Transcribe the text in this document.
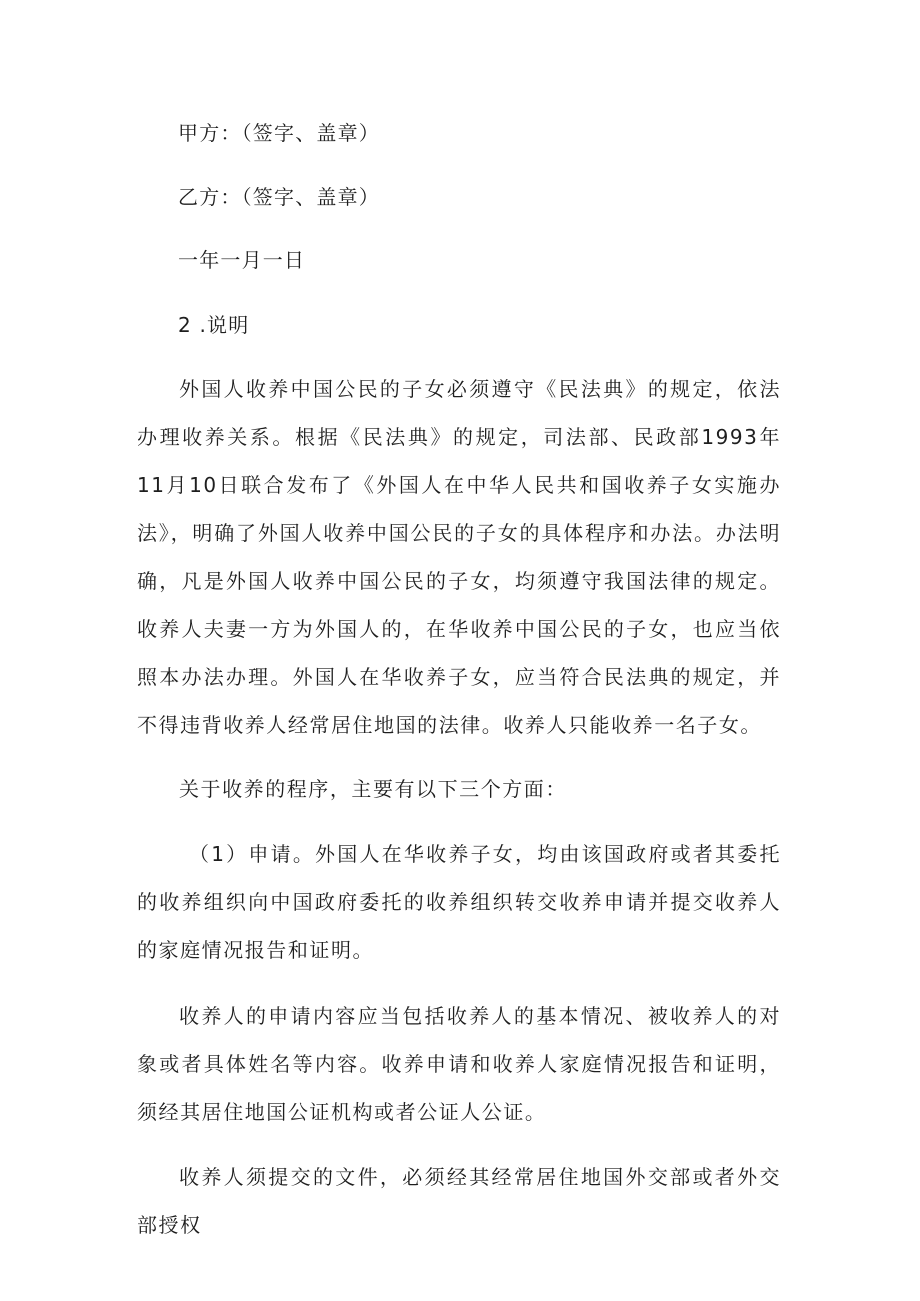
甲方：（签字、盖章）
乙方：（签字、盖章）
一年一月一日
2 .说明
外国人收养中国公民的子女必须遵守《民法典》的规定，依法办理收养关系。根据《民法典》的规定，司法部、民政部1993年11月10日联合发布了《外国人在中华人民共和国收养子女实施办法》，明确了外国人收养中国公民的子女的具体程序和办法。办法明确，凡是外国人收养中国公民的子女，均须遵守我国法律的规定。收养人夫妻一方为外国人的，在华收养中国公民的子女，也应当依照本办法办理。外国人在华收养子女，应当符合民法典的规定，并不得违背收养人经常居住地国的法律。收养人只能收养一名子女。
关于收养的程序，主要有以下三个方面：
（1）申请。外国人在华收养子女，均由该国政府或者其委托的收养组织向中国政府委托的收养组织转交收养申请并提交收养人的家庭情况报告和证明。
收养人的申请内容应当包括收养人的基本情况、被收养人的对象或者具体姓名等内容。收养申请和收养人家庭情况报告和证明，须经其居住地国公证机构或者公证人公证。
收养人须提交的文件，必须经其经常居住地国外交部或者外交部授权
